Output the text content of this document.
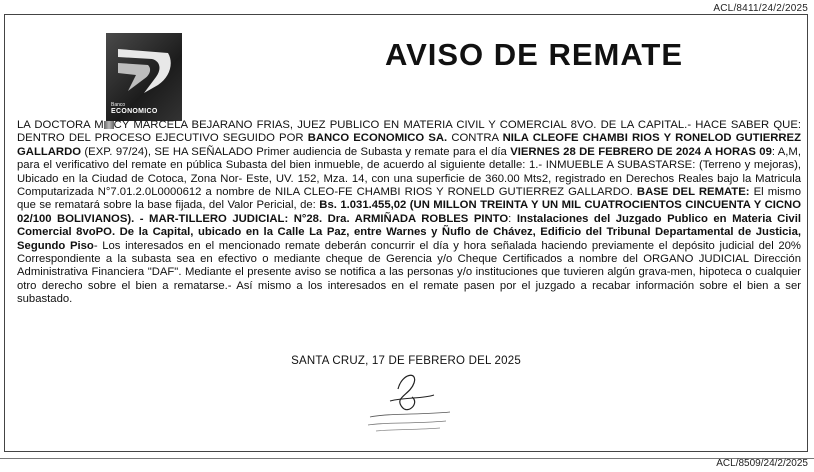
ACL/8411/24/2/2025
Banco
ECONOMICO
AVISO DE REMATE
LA DOCTORA M CY MARCELA BEJARANO FRIAS, JUEZ PUBLICO EN MATERIA CIVIL Y COMERCIAL 8VO. DE LA CAPITAL.- HACE SABER QUE: DENTRO DEL PROCESO EJECUTIVO SEGUIDO POR BANCO ECONOMICO SA. CONTRA NILA CLEOFE CHAMBI RIOS Y RONELOD GUTIERREZ GALLARDO (EXP. 97/24), SE HA SEÑALADO Primer audiencia de Subasta y remate para el día VIERNES 28 DE FEBRERO DE 2024 A HORAS 09: A,M, para el verificativo del remate en pública Subasta del bien inmueble, de acuerdo al siguiente detalle: 1.- INMUEBLE A SUBASTARSE: (Terreno y mejoras), Ubicado en la Ciudad de Cotoca, Zona Nor- Este, UV. 152, Mza. 14, con una superficie de 360.00 Mts2, registrado en Derechos Reales bajo la Matricula Computarizada N°7.01.2.0L0000612 a nombre de NILA CLEO-FE CHAMBI RIOS Y RONELD GUTIERREZ GALLARDO. BASE DEL REMATE: El mismo que se rematará sobre la base fijada, del Valor Pericial, de: Bs. 1.031.455,02 (UN MILLON TREINTA Y UN MIL CUATROCIENTOS CINCUENTA Y CICNO 02/100 BOLIVIANOS). - MAR-TILLERO JUDICIAL: N°28. Dra. ARMIÑADA ROBLES PINTO: Instalaciones del Juzgado Publico en Materia Civil Comercial 8voPO. De la Capital, ubicado en la Calle La Paz, entre Warnes y Ñuflo de Chávez, Edificio del Tribunal Departamental de Justicia, Segundo Piso- Los interesados en el mencionado remate deberán concurrir el día y hora señalada haciendo previamente el depósito judicial del 20% Correspondiente a la subasta sea en efectivo o mediante cheque de Gerencia y/o Cheque Certificados a nombre del ORGANO JUDICIAL Dirección Administrativa Financiera "DAF". Mediante el presente aviso se notifica a las personas y/o instituciones que tuvieren algún grava-men, hipoteca o cualquier otro derecho sobre el bien a rematarse.- Así mismo a los interesados en el remate pasen por el juzgado a recabar información sobre el bien a ser subastado.
SANTA CRUZ, 17 DE FEBRERO DEL 2025
ACL/8509/24/2/2025
